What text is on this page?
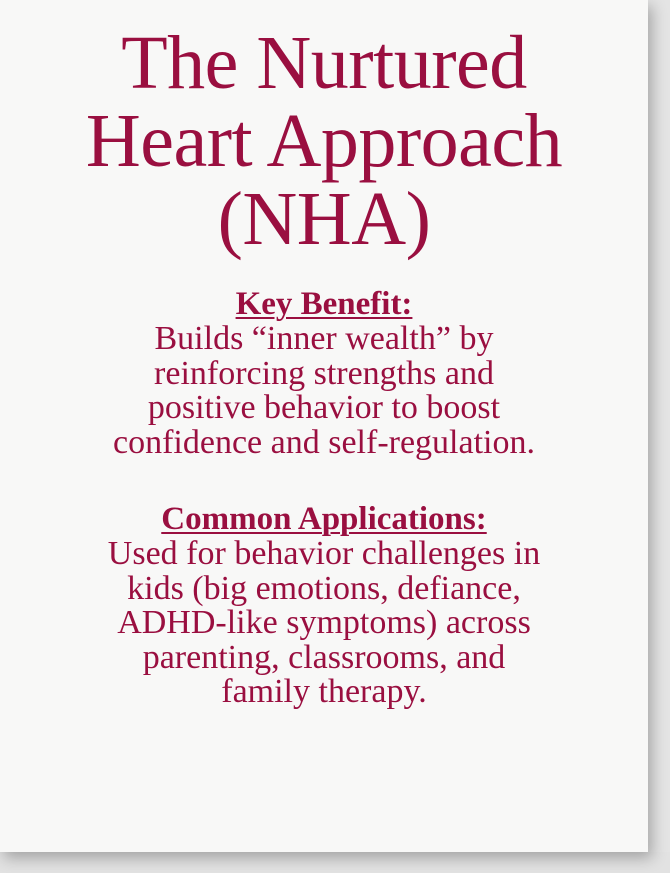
The Nurtured
Heart Approach
(NHA)
Key Benefit:
Builds “inner wealth” by
reinforcing strengths and
positive behavior to boost
confidence and self-regulation.
Common Applications:
Used for behavior challenges in
kids (big emotions, defiance,
ADHD-like symptoms) across
parenting, classrooms, and
family therapy.
